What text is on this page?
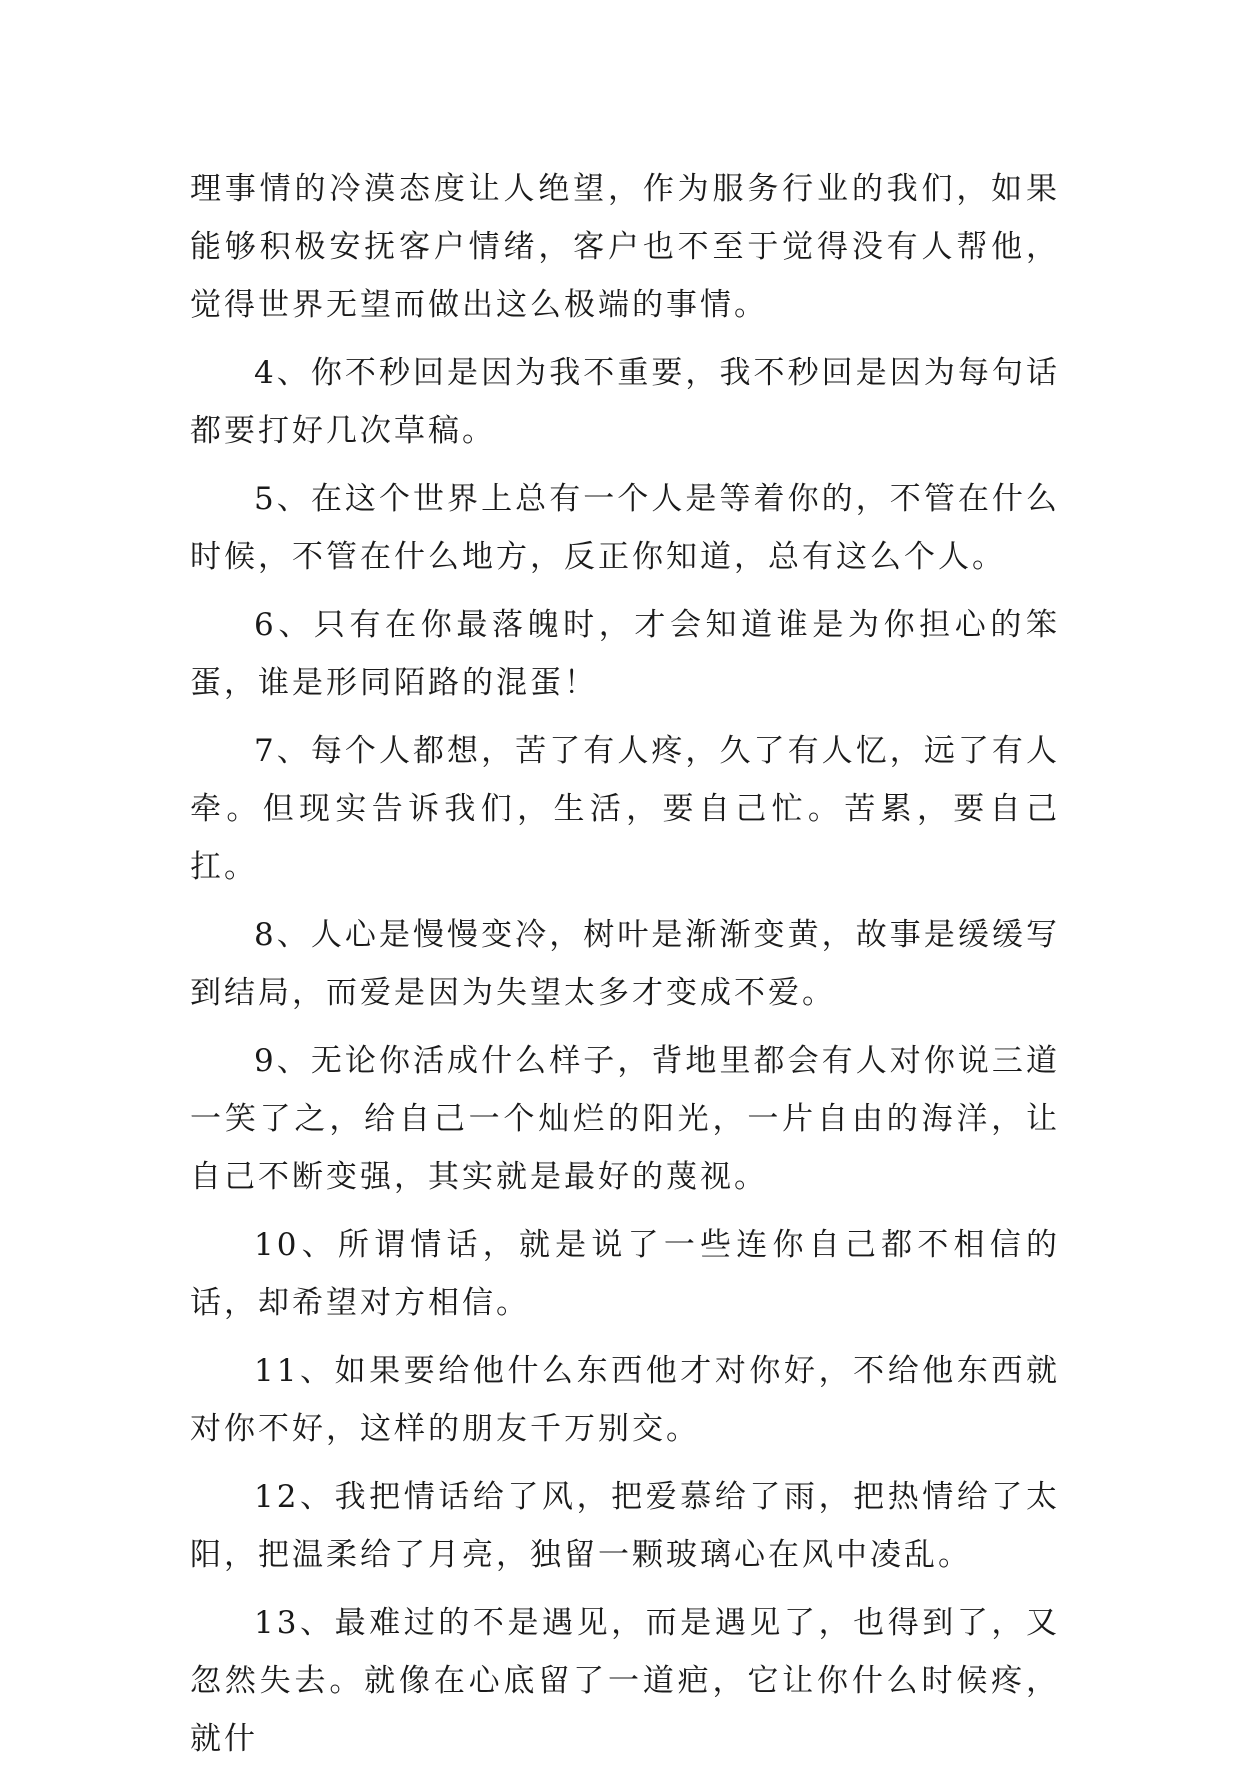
理事情的冷漠态度让人绝望，作为服务行业的我们，如果能够积极安抚客户情绪，客户也不至于觉得没有人帮他，觉得世界无望而做出这么极端的事情。

4、你不秒回是因为我不重要，我不秒回是因为每句话都要打好几次草稿。

5、在这个世界上总有一个人是等着你的，不管在什么时候，不管在什么地方，反正你知道，总有这么个人。

6、只有在你最落魄时，才会知道谁是为你担心的笨蛋，谁是形同陌路的混蛋！

7、每个人都想，苦了有人疼，久了有人忆，远了有人牵。但现实告诉我们，生活，要自己忙。苦累，要自己扛。

8、人心是慢慢变冷，树叶是渐渐变黄，故事是缓缓写到结局，而爱是因为失望太多才变成不爱。

9、无论你活成什么样子，背地里都会有人对你说三道一笑了之，给自己一个灿烂的阳光，一片自由的海洋，让自己不断变强，其实就是最好的蔑视。

10、所谓情话，就是说了一些连你自己都不相信的话，却希望对方相信。

11、如果要给他什么东西他才对你好，不给他东西就对你不好，这样的朋友千万别交。

12、我把情话给了风，把爱慕给了雨，把热情给了太阳，把温柔给了月亮，独留一颗玻璃心在风中凌乱。

13、最难过的不是遇见，而是遇见了，也得到了，又忽然失去。就像在心底留了一道疤，它让你什么时候疼，就什
